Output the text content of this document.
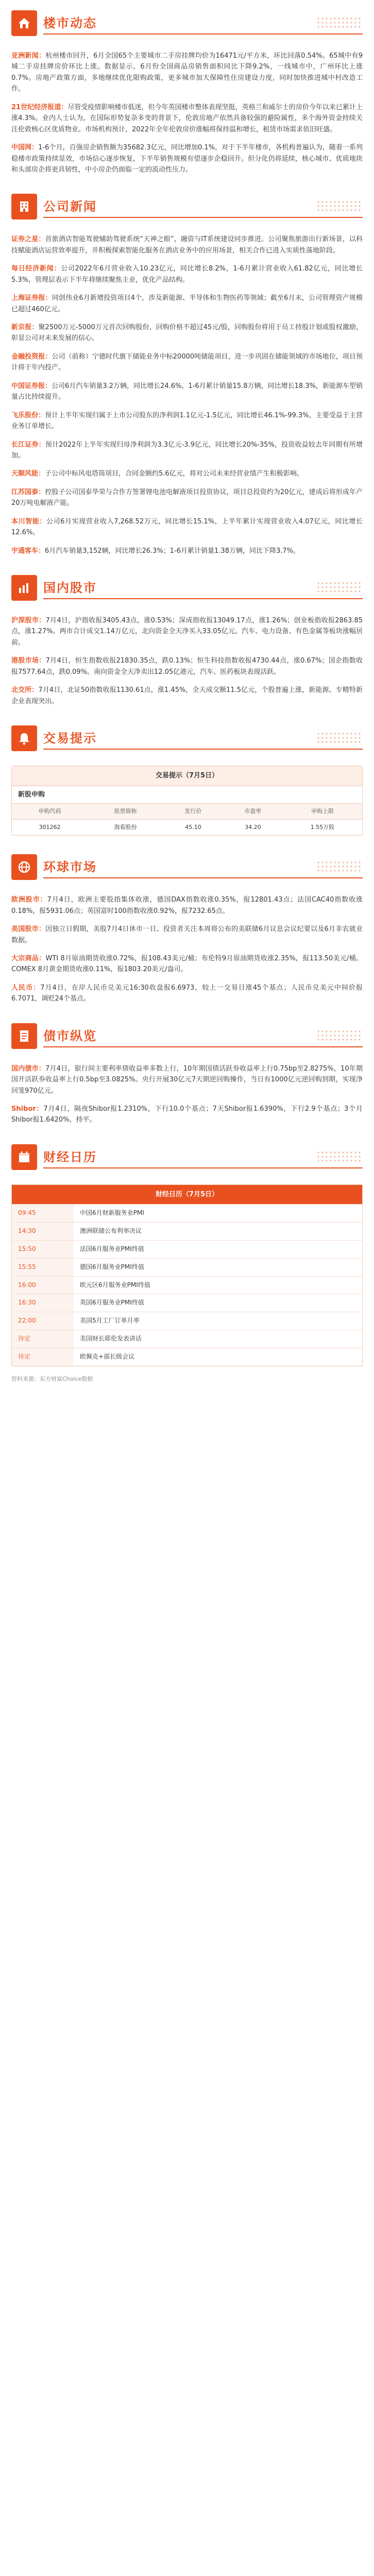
楼市动态

亚洲新闻：杭州楼市回升，6月全国65个主要城市二手房挂牌均价为16471元/平方米，环比回落0.54%。65城中有9城二手房挂牌房价环比上涨。数据显示，6月份全国商品房销售面积同比下降9.2%，一线城市中，广州环比上涨0.7%。房地产政策方面，多地继续优化限购政策，更多城市加大保障性住房建设力度，同时加快推进城中村改造工作。

21世纪经济报道：尽管受疫情影响楼市低迷，但今年英国楼市整体表现坚挺，英格兰和威尔士的房价今年以来已累计上涨4.3%。业内人士认为，在国际形势复杂多变的背景下，伦敦房地产依然具备较强的避险属性，多个海外资金持续关注伦敦核心区优质物业。市场机构预计，2022年全年伦敦房价涨幅将保持温和增长，租赁市场需求依旧旺盛。

中国网：1-6个月，百强房企销售额为35682.3亿元，同比增加0.1%，对于下半年楼市，各机构普遍认为，随着一系列稳楼市政策持续显效，市场信心逐步恢复，下半年销售规模有望逐步企稳回升。但分化仍将延续，核心城市、优质地块和头部房企将更具韧性，中小房企仍面临一定的流动性压力。

公司新闻

证券之星：首旅酒店智能驾驶辅助驾驶系统“天神之眼”，融资与IT系统建设同步推进。公司聚焦旅游出行新场景，以科技赋能酒店运营效率提升，并积极探索智能化服务在酒店业务中的应用场景，相关合作已进入实质性落地阶段。

每日经济新闻：公司2022年6月营业收入10.23亿元，同比增长8.2%，1-6月累计营业收入61.82亿元，同比增长5.3%，管理层表示下半年将继续聚焦主业，优化产品结构。

上海证券报：同创伟业6月新增投资项目4个，涉及新能源、半导体和生物医药等领域；截至6月末，公司管理资产规模已超过460亿元。

新京报：聚2500万元-5000万元首次回购股份，回购价格不超过45元/股，回购股份将用于员工持股计划或股权激励，彰显公司对未来发展的信心。

金融投资报：公司（前称）宁德时代旗下储能业务中标20000吨储能项目，进一步巩固在储能领域的市场地位，项目预计将于年内投产。

中国证券报：公司6月汽车销量3.2万辆，同比增长24.6%，1-6月累计销量15.8万辆，同比增长18.3%，新能源车型销量占比持续提升。

飞乐股份：预计上半年实现归属于上市公司股东的净利润1.1亿元-1.5亿元，同比增长46.1%-99.3%，主要受益于主营业务订单增长。

长江证券：预计2022年上半年实现归母净利润为3.3亿元-3.9亿元，同比增长20%-35%，投资收益较去年同期有所增加。

天顺风能：子公司中标风电塔筒项目，合同金额约5.6亿元，将对公司未来经营业绩产生积极影响。

江苏国泰：控股子公司国泰华荣与合作方签署锂电池电解液项目投资协议，项目总投资约为20亿元，建成后将形成年产20万吨电解液产能。

本川智能：公司6月实现营业收入7,268.52万元，同比增长15.1%，上半年累计实现营业收入4.07亿元，同比增长12.6%。

宇通客车：6月汽车销量3,152辆，同比增长26.3%；1-6月累计销量1.38万辆，同比下降3.7%。

国内股市

沪深股市：7月4日，沪指收报3405.43点，涨0.53%；深成指收报13049.17点，涨1.26%；创业板指收报2863.85点，涨1.27%。两市合计成交1.14万亿元，北向资金全天净买入33.05亿元。汽车、电力设备、有色金属等板块涨幅居前。

港股市场：7月4日，恒生指数收报21830.35点，跌0.13%；恒生科技指数收报4730.44点，涨0.67%；国企指数收报7577.64点，跌0.09%。南向资金全天净卖出12.05亿港元，汽车、医药板块表现活跃。

北交所：7月4日，北证50指数收报1130.61点，涨1.45%，全天成交额11.5亿元，个股普遍上涨，新能源、专精特新企业表现突出。

交易提示
交易提示（7月5日）
新股申购
申购代码	股票简称	发行价	市盈率	申购上限
301262	海看股份	45.10	34.20	1.55万股
环球市场

欧洲股市：7月4日，欧洲主要股指集体收涨，德国DAX指数收涨0.35%，报12801.43点；法国CAC40指数收涨0.18%，报5931.06点；英国富时100指数收涨0.92%，报7232.65点。

美国股市：因独立日假期，美股7月4日休市一日。投资者关注本周将公布的美联储6月议息会议纪要以及6月非农就业数据。

大宗商品：WTI 8月原油期货收涨0.72%，报108.43美元/桶；布伦特9月原油期货收涨2.35%，报113.50美元/桶。COMEX 8月黄金期货收涨0.11%，报1803.20美元/盎司。

人民币：7月4日，在岸人民币兑美元16:30收盘报6.6973，较上一交易日涨45个基点；人民币兑美元中间价报6.7071，调贬24个基点。

债市纵览

国内债市：7月4日，银行间主要利率债收益率多数上行，10年期国债活跃券收益率上行0.75bp至2.8275%，10年期国开活跃券收益率上行0.5bp至3.0825%。央行开展30亿元7天期逆回购操作，当日有1000亿元逆回购到期，实现净回笼970亿元。

Shibor：7月4日，隔夜Shibor报1.2310%，下行10.0个基点；7天Shibor报1.6390%，下行2.9个基点；3个月Shibor报1.6420%，持平。

财经日历
财经日历（7月5日）
09:45	中国6月财新服务业PMI
14:30	澳洲联储公布利率决议
15:50	法国6月服务业PMI终值
15:55	德国6月服务业PMI终值
16:00	欧元区6月服务业PMI终值
16:30	英国6月服务业PMI终值
22:00	美国5月工厂订单月率
待定	美国财长耶伦发表讲话
待定	欧佩克+部长级会议
资料来源：东方财富Choice数据
